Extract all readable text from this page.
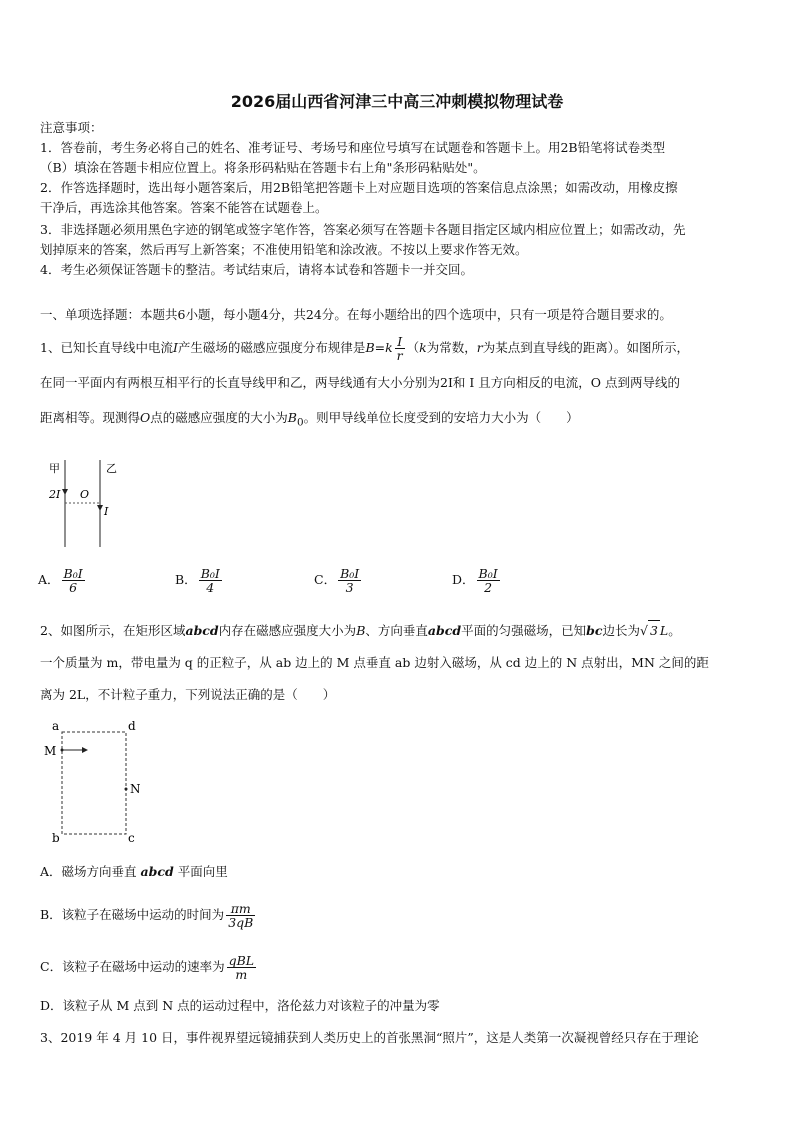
2026届山西省河津三中高三冲刺模拟物理试卷
注意事项：
1．答卷前，考生务必将自己的姓名、准考证号、考场号和座位号填写在试题卷和答题卡上。用2B铅笔将试卷类型
（B）填涂在答题卡相应位置上。将条形码粘贴在答题卡右上角"条形码粘贴处"。
2．作答选择题时，选出每小题答案后，用2B铅笔把答题卡上对应题目选项的答案信息点涂黑；如需改动，用橡皮擦
干净后，再选涂其他答案。答案不能答在试题卷上。
3．非选择题必须用黑色字迹的钢笔或签字笔作答，答案必须写在答题卡各题目指定区域内相应位置上；如需改动，先
划掉原来的答案，然后再写上新答案；不准使用铅笔和涂改液。不按以上要求作答无效。
4．考生必须保证答题卡的整洁。考试结束后，请将本试卷和答题卡一并交回。
一、单项选择题：本题共6小题，每小题4分，共24分。在每小题给出的四个选项中，只有一项是符合题目要求的。
1、已知长直导线中电流I产生磁场的磁感应强度分布规律是$B=k \frac{I}{r} (k$为常数，r为某点到直导线的距离）。如图所示，
在同一平面内有两根互相平行的长直导线甲和乙，两导线通有大小分别为2I和 I 且方向相反的电流，O 点到两导线的
距离相等。现测得O点的磁感应强度的大小为$B_0$。则甲导线单位长度受到的安培力大小为（　　）
甲	乙
2I O
I
A． $\frac{\text{B₀I}}{6}$	B． $\frac{\text{B₀I}}{4}$	C． $\frac{\text{B₀I}}{3}$	D． $\frac{\text{B₀I}}{2}$
2、如图所示，在矩形区域abcd内存在磁感应强度大小为B、方向垂直abcd平面的匀强磁场，已知bc边长为√ 3 L。
一个质量为 m，带电量为 q 的正粒子，从 ab 边上的 M 点垂直 ab 边射入磁场，从 cd 边上的 N 点射出，MN 之间的距
离为 2L，不计粒子重力，下列说法正确的是（　　）
a	d
b	c
M
N
A．磁场方向垂直 abcd 平面向里
B．该粒子在磁场中运动的时间为 $\frac{\pi m}{3qB}$
C．该粒子在磁场中运动的速率为 $\frac{\text{qBL}}{m}$
D．该粒子从 M 点到 N 点的运动过程中，洛伦兹力对该粒子的冲量为零
3、2019 年 4 月 10 日，事件视界望远镜捕获到人类历史上的首张黑洞“照片”，这是人类第一次凝视曾经只存在于理论
